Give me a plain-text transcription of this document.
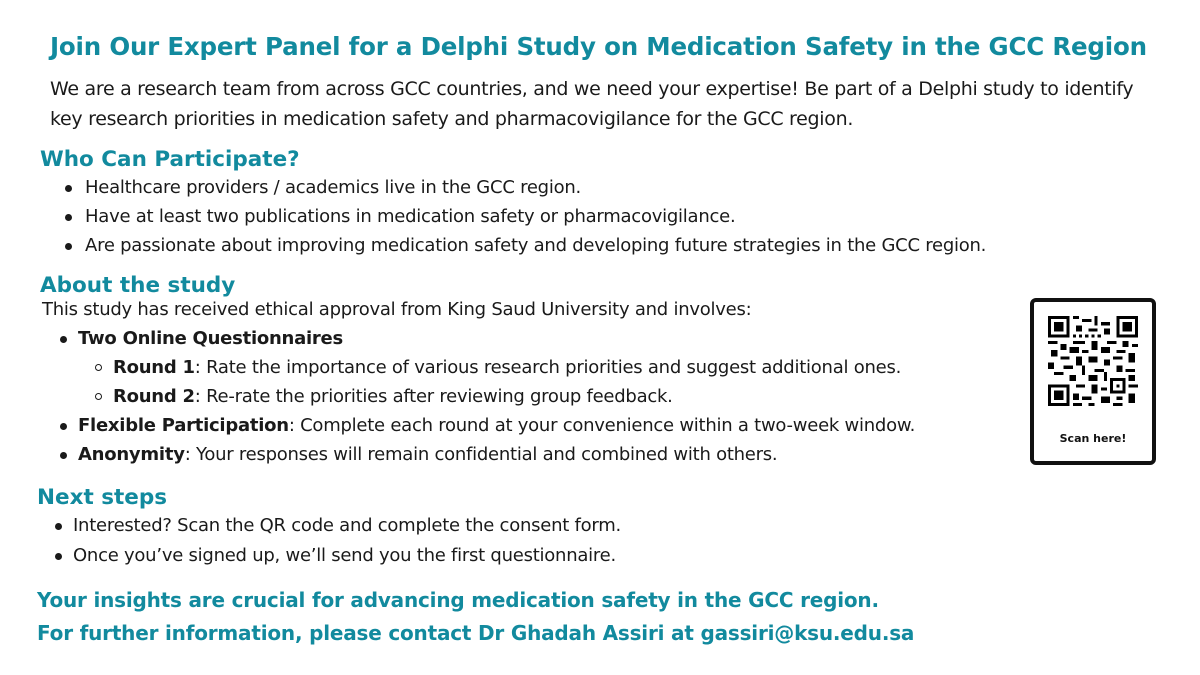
Join Our Expert Panel for a Delphi Study on Medication Safety in the GCC Region
We are a research team from across GCC countries, and we need your expertise! Be part of a Delphi study to identify key research priorities in medication safety and pharmacovigilance for the GCC region.
Who Can Participate?
Healthcare providers / academics live in the GCC region.
Have at least two publications in medication safety or pharmacovigilance.
Are passionate about improving medication safety and developing future strategies in the GCC region.
About the study
This study has received ethical approval from King Saud University and involves:
Two Online Questionnaires
Round 1: Rate the importance of various research priorities and suggest additional ones.
Round 2: Re-rate the priorities after reviewing group feedback.
Flexible Participation: Complete each round at your convenience within a two-week window.
Anonymity: Your responses will remain confidential and combined with others.
Next steps
Interested? Scan the QR code and complete the consent form.
Once you’ve signed up, we’ll send you the first questionnaire.
Your insights are crucial for advancing medication safety in the GCC region.
For further information, please contact Dr Ghadah Assiri at gassiri@ksu.edu.sa
Scan here!
